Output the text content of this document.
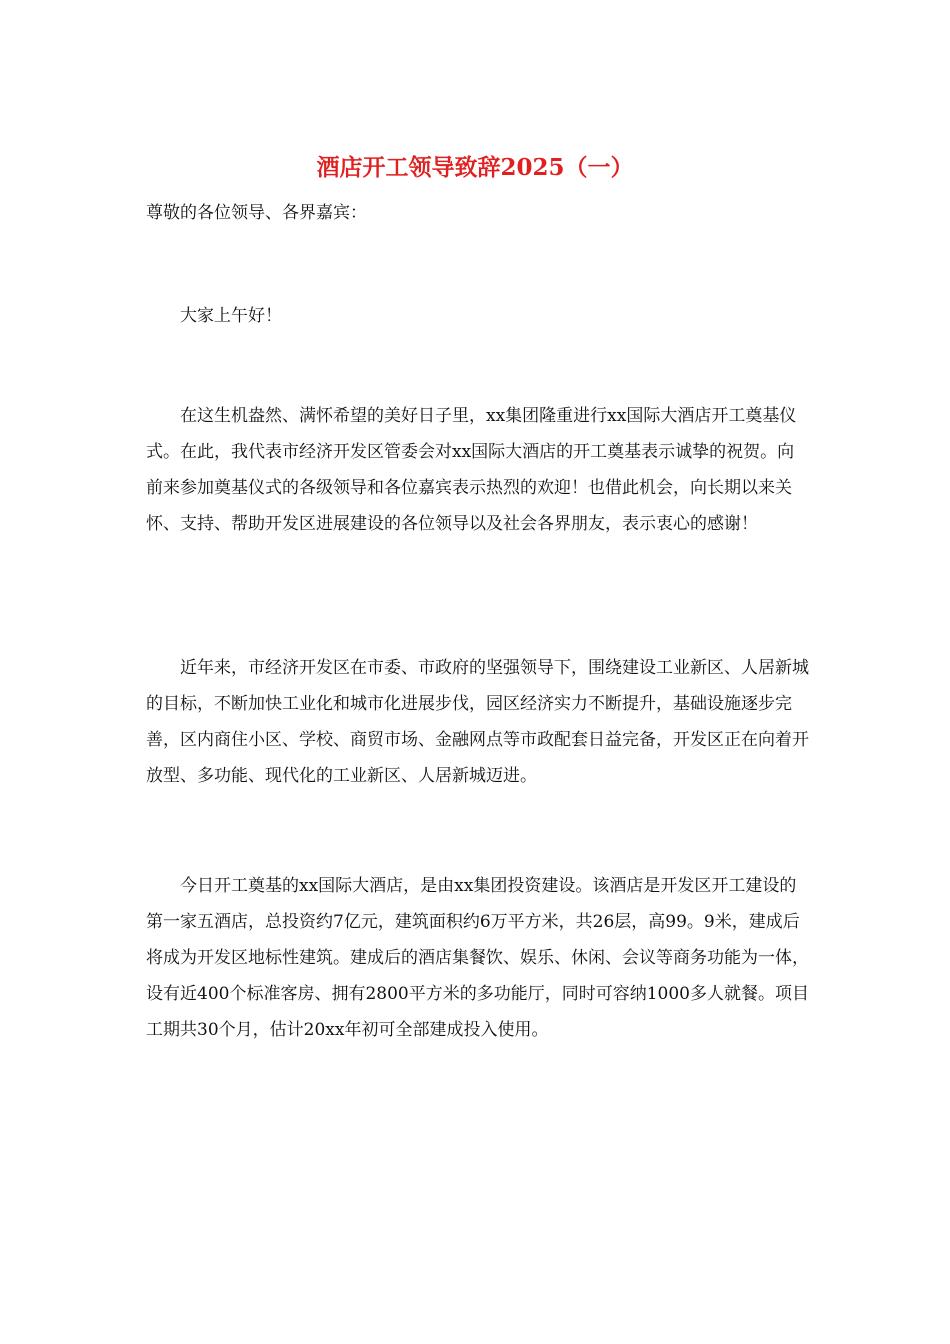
酒店开工领导致辞2025（一）

尊敬的各位领导、各界嘉宾：

大家上午好！

在这生机盎然、满怀希望的美好日子里，xx集团隆重进行xx国际大酒店开工奠基仪式。在此，我代表市经济开发区管委会对xx国际大酒店的开工奠基表示诚挚的祝贺。向前来参加奠基仪式的各级领导和各位嘉宾表示热烈的欢迎！也借此机会，向长期以来关怀、支持、帮助开发区进展建设的各位领导以及社会各界朋友，表示衷心的感谢！

近年来，市经济开发区在市委、市政府的坚强领导下，围绕建设工业新区、人居新城的目标，不断加快工业化和城市化进展步伐，园区经济实力不断提升，基础设施逐步完善，区内商住小区、学校、商贸市场、金融网点等市政配套日益完备，开发区正在向着开放型、多功能、现代化的工业新区、人居新城迈进。

今日开工奠基的xx国际大酒店，是由xx集团投资建设。该酒店是开发区开工建设的第一家五酒店，总投资约7亿元，建筑面积约6万平方米，共26层，高99。9米，建成后将成为开发区地标性建筑。建成后的酒店集餐饮、娱乐、休闲、会议等商务功能为一体，设有近400个标准客房、拥有2800平方米的多功能厅，同时可容纳1000多人就餐。项目工期共30个月，估计20xx年初可全部建成投入使用。
